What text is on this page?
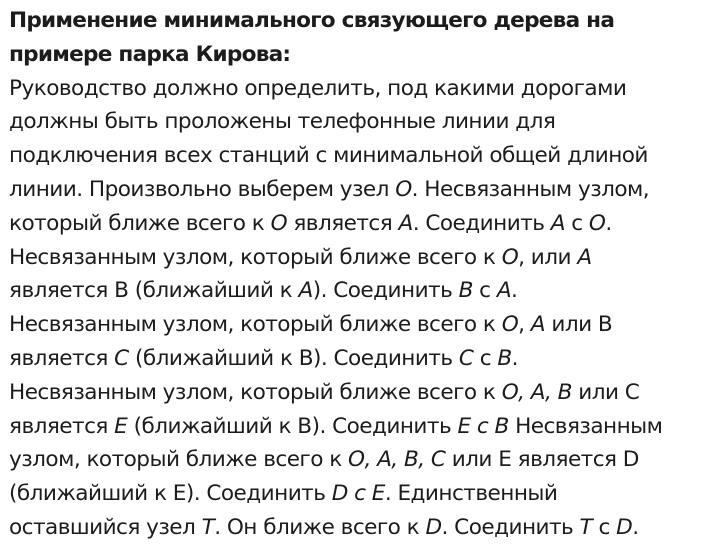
Применение минимального связующего дерева на
примере парка Кирова:
Руководство должно определить, под какими дорогами
должны быть проложены телефонные линии для
подключения всех станций с минимальной общей длиной
линии. Произвольно выберем узел О. Несвязанным узлом,
который ближе всего к О является А. Соединить А с О.
Несвязанным узлом, который ближе всего к О, или А
является В (ближайший к А). Соединить В с А.
Несвязанным узлом, который ближе всего к О, А или В
является С (ближайший к В). Соединить С с В.
Несвязанным узлом, который ближе всего к О, А, В или С
является Е (ближайший к В). Соединить Е с В Несвязанным
узлом, который ближе всего к О, А, В, С или Е является D
(ближайший к Е). Соединить D с Е. Единственный
оставшийся узел Т. Он ближе всего к D. Соединить Т с D.
